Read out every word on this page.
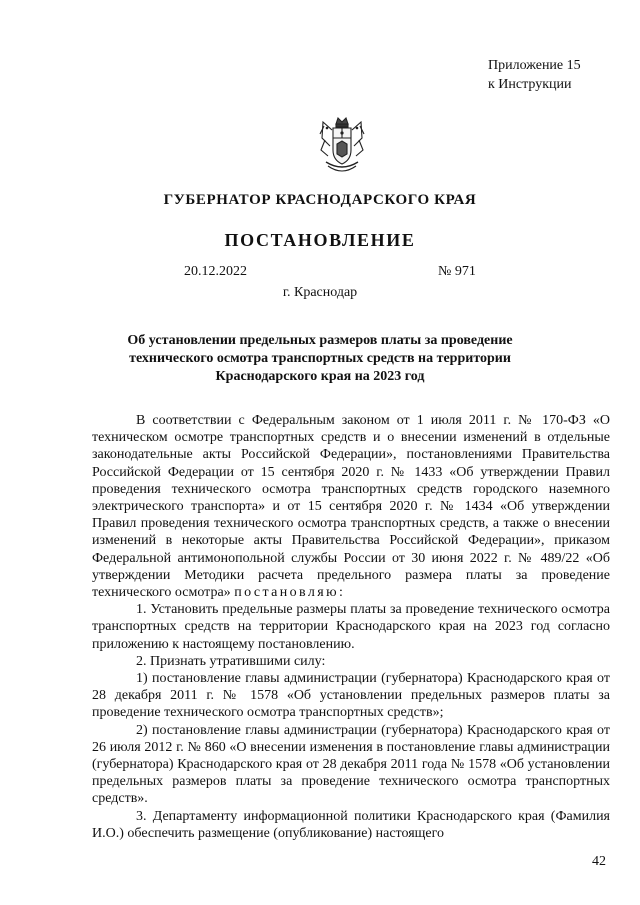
Приложение 15
к Инструкции
ГУБЕРНАТОР КРАСНОДАРСКОГО КРАЯ
ПОСТАНОВЛЕНИЕ
20.12.2022	№ 971
г. Краснодар
Об установлении предельных размеров платы за проведение
технического осмотра транспортных средств на территории
Краснодарского края на 2023 год

В соответствии с Федеральным законом от 1 июля 2011 г. № 170-ФЗ «О техническом осмотре транспортных средств и о внесении изменений в отдельные законодательные акты Российской Федерации», постановлениями Правительства Российской Федерации от 15 сентября 2020 г. № 1433 «Об утверждении Правил проведения технического осмотра транспортных средств городского наземного электрического транспорта» и от 15 сентября 2020 г. № 1434 «Об утверждении Правил проведения технического осмотра транспортных средств, а также о внесении изменений в некоторые акты Правительства Российской Федерации», приказом Федеральной антимонопольной службы России от 30 июня 2022 г. № 489/22 «Об утверждении Методики расчета предельного размера платы за проведение технического осмотра» постановляю:

1. Установить предельные размеры платы за проведение технического осмотра транспортных средств на территории Краснодарского края на 2023 год согласно приложению к настоящему постановлению.

2. Признать утратившими силу:

1) постановление главы администрации (губернатора) Краснодарского края от 28 декабря 2011 г. № 1578 «Об установлении предельных размеров платы за проведение технического осмотра транспортных средств»;

2) постановление главы администрации (губернатора) Краснодарского края от 26 июля 2012 г. № 860 «О внесении изменения в постановление главы администрации (губернатора) Краснодарского края от 28 декабря 2011 года № 1578 «Об установлении предельных размеров платы за проведение технического осмотра транспортных средств».

3. Департаменту информационной политики Краснодарского края (Фамилия И.О.) обеспечить размещение (опубликование) настоящего

42
